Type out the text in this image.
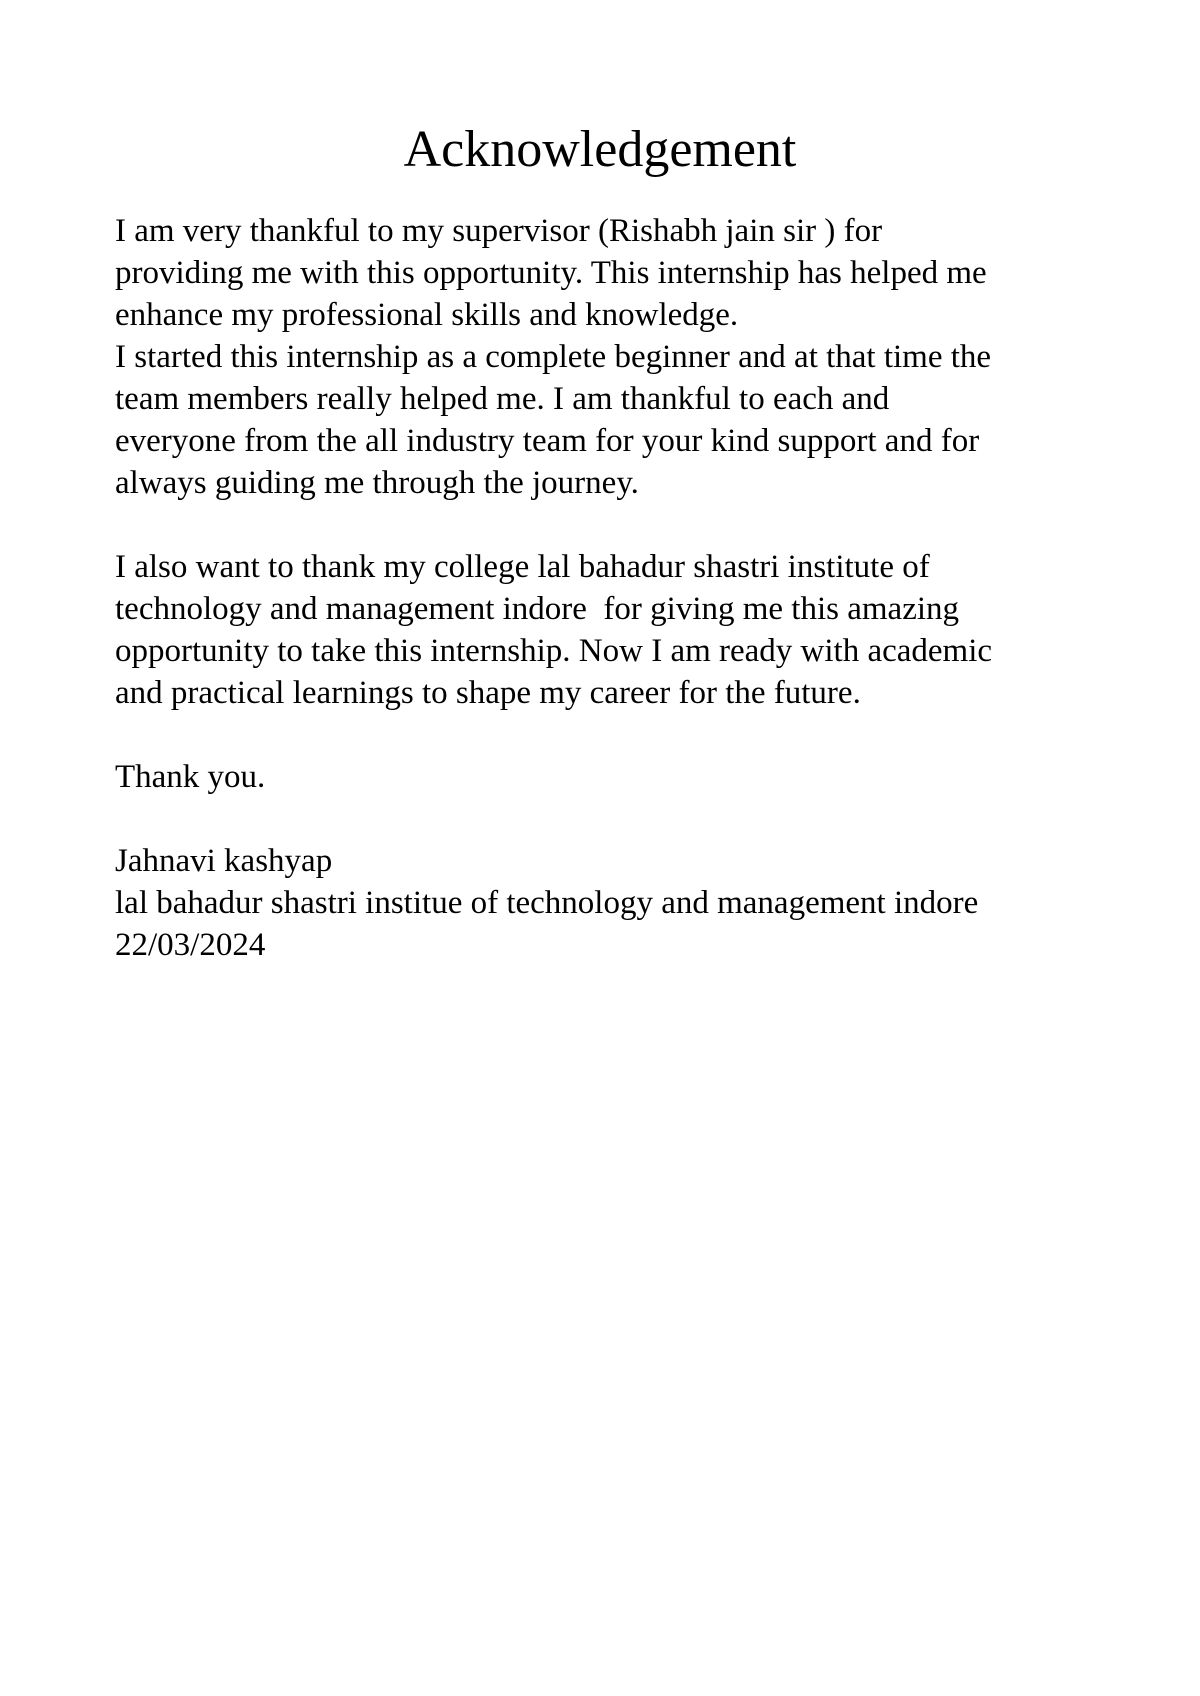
Acknowledgement
I am very thankful to my supervisor (Rishabh jain sir ) for
providing me with this opportunity. This internship has helped me
enhance my professional skills and knowledge.
I started this internship as a complete beginner and at that time the
team members really helped me. I am thankful to each and
everyone from the all industry team for your kind support and for
always guiding me through the journey.
I also want to thank my college lal bahadur shastri institute of
technology and management indore  for giving me this amazing
opportunity to take this internship. Now I am ready with academic
and practical learnings to shape my career for the future.
Thank you.
Jahnavi kashyap
lal bahadur shastri institue of technology and management indore
22/03/2024
